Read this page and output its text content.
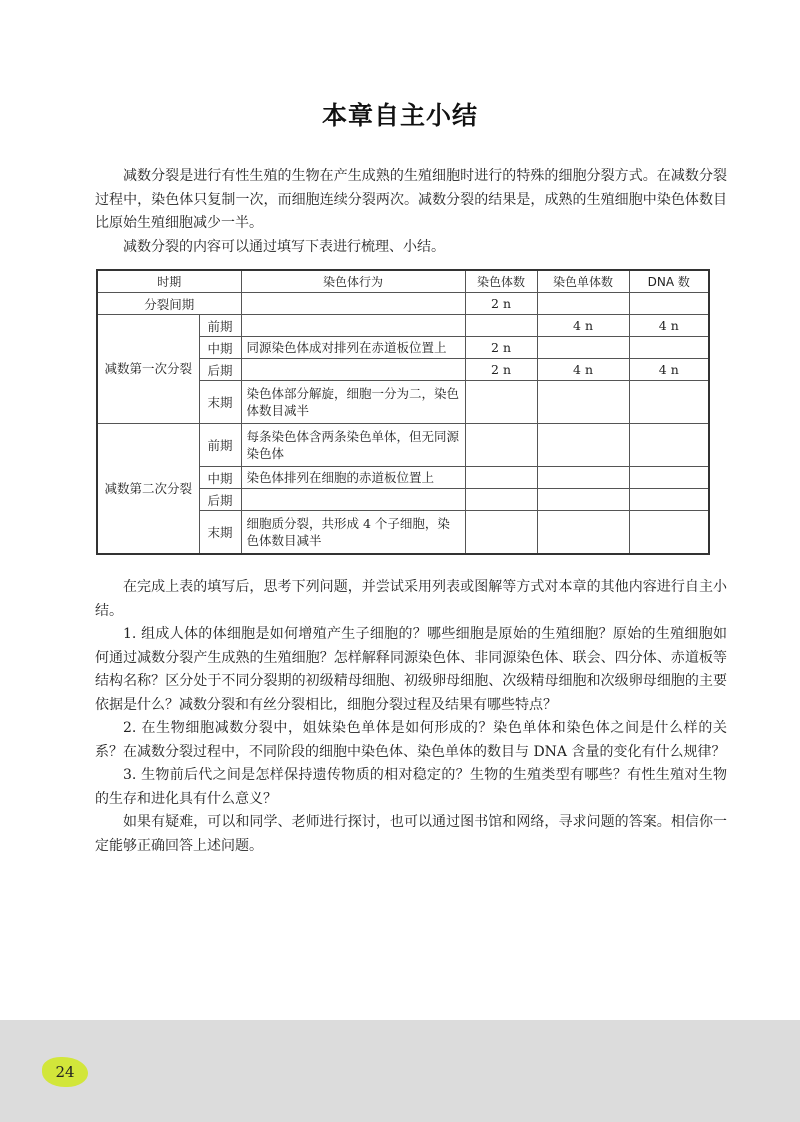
本章自主小结

减数分裂是进行有性生殖的生物在产生成熟的生殖细胞时进行的特殊的细胞分裂方式。在减数分裂过程中，染色体只复制一次，而细胞连续分裂两次。减数分裂的结果是，成熟的生殖细胞中染色体数目比原始生殖细胞减少一半。

减数分裂的内容可以通过填写下表进行梳理、小结。

时期		染色体行为	染色体数	染色单体数	DNA 数
分裂间期			2 n		
减数第一次分裂	前期			4 n	4 n
	中期	同源染色体成对排列在赤道板位置上	2 n		
	后期		2 n	4 n	4 n
	末期	染色体部分解旋，细胞一分为二，染色体数目减半			
减数第二次分裂	前期	每条染色体含两条染色单体，但无同源染色体			
	中期	染色体排列在细胞的赤道板位置上			
	后期				
	末期	细胞质分裂，共形成 4 个子细胞，染色体数目减半			

在完成上表的填写后，思考下列问题，并尝试采用列表或图解等方式对本章的其他内容进行自主小结。

1. 组成人体的体细胞是如何增殖产生子细胞的？哪些细胞是原始的生殖细胞？原始的生殖细胞如何通过减数分裂产生成熟的生殖细胞？怎样解释同源染色体、非同源染色体、联会、四分体、赤道板等结构名称？区分处于不同分裂期的初级精母细胞、初级卵母细胞、次级精母细胞和次级卵母细胞的主要依据是什么？减数分裂和有丝分裂相比，细胞分裂过程及结果有哪些特点？

2. 在生物细胞减数分裂中，姐妹染色单体是如何形成的？染色单体和染色体之间是什么样的关系？在减数分裂过程中，不同阶段的细胞中染色体、染色单体的数目与 DNA 含量的变化有什么规律？

3. 生物前后代之间是怎样保持遗传物质的相对稳定的？生物的生殖类型有哪些？有性生殖对生物的生存和进化具有什么意义？

如果有疑难，可以和同学、老师进行探讨，也可以通过图书馆和网络，寻求问题的答案。相信你一定能够正确回答上述问题。

24
